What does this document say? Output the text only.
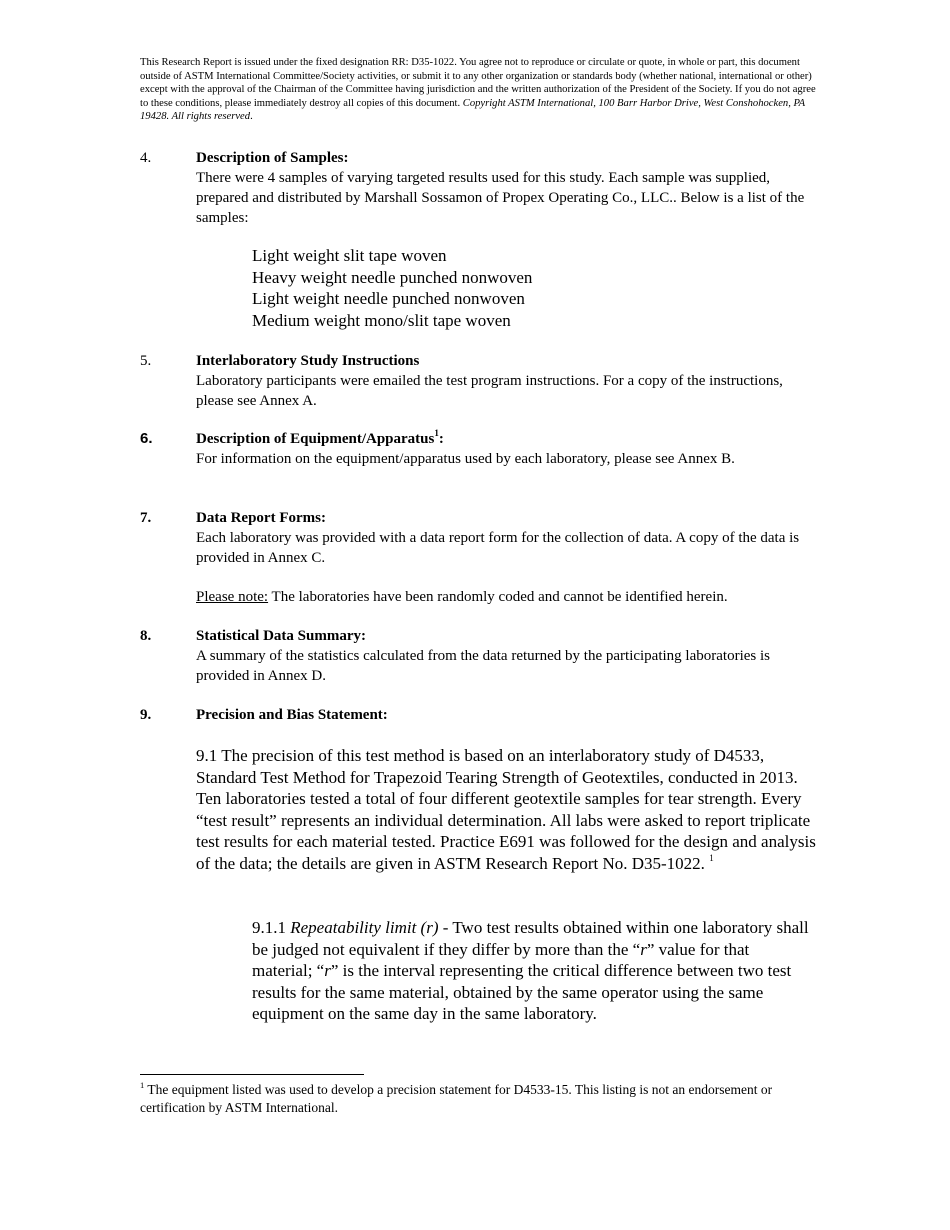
This Research Report is issued under the fixed designation RR: D35-1022. You agree not to reproduce or circulate or quote, in whole or part, this document outside of ASTM International Committee/Society activities, or submit it to any other organization or standards body (whether national, international or other) except with the approval of the Chairman of the Committee having jurisdiction and the written authorization of the President of the Society. If you do not agree to these conditions, please immediately destroy all copies of this document. Copyright ASTM International, 100 Barr Harbor Drive, West Conshohocken, PA 19428. All rights reserved.
4.	Description of Samples:
There were 4 samples of varying targeted results used for this study. Each sample was supplied, prepared and distributed by Marshall Sossamon of Propex Operating Co., LLC.. Below is a list of the samples:
Light weight slit tape woven
Heavy weight needle punched nonwoven
Light weight needle punched nonwoven
Medium weight mono/slit tape woven
5.	Interlaboratory Study Instructions
Laboratory participants were emailed the test program instructions. For a copy of the instructions, please see Annex A.
6.	Description of Equipment/Apparatus$^1$:
For information on the equipment/apparatus used by each laboratory, please see Annex B.
7.	Data Report Forms:
Each laboratory was provided with a data report form for the collection of data. A copy of the data is provided in Annex C.
Please note: The laboratories have been randomly coded and cannot be identified herein.
8.	Statistical Data Summary:
A summary of the statistics calculated from the data returned by the participating laboratories is provided in Annex D.
9.	Precision and Bias Statement:
9.1 The precision of this test method is based on an interlaboratory study of D4533, Standard Test Method for Trapezoid Tearing Strength of Geotextiles, conducted in 2013. Ten laboratories tested a total of four different geotextile samples for tear strength. Every “test result” represents an individual determination. All labs were asked to report triplicate test results for each material tested. Practice E691 was followed for the design and analysis of the data; the details are given in ASTM Research Report No. D35-1022. $^1$
9.1.1 Repeatability limit (r) - Two test results obtained within one laboratory shall be judged not equivalent if they differ by more than the “r” value for that material; “r” is the interval representing the critical difference between two test results for the same material, obtained by the same operator using the same equipment on the same day in the same laboratory.
$^1$ The equipment listed was used to develop a precision statement for D4533-15. This listing is not an endorsement or certification by ASTM International.
